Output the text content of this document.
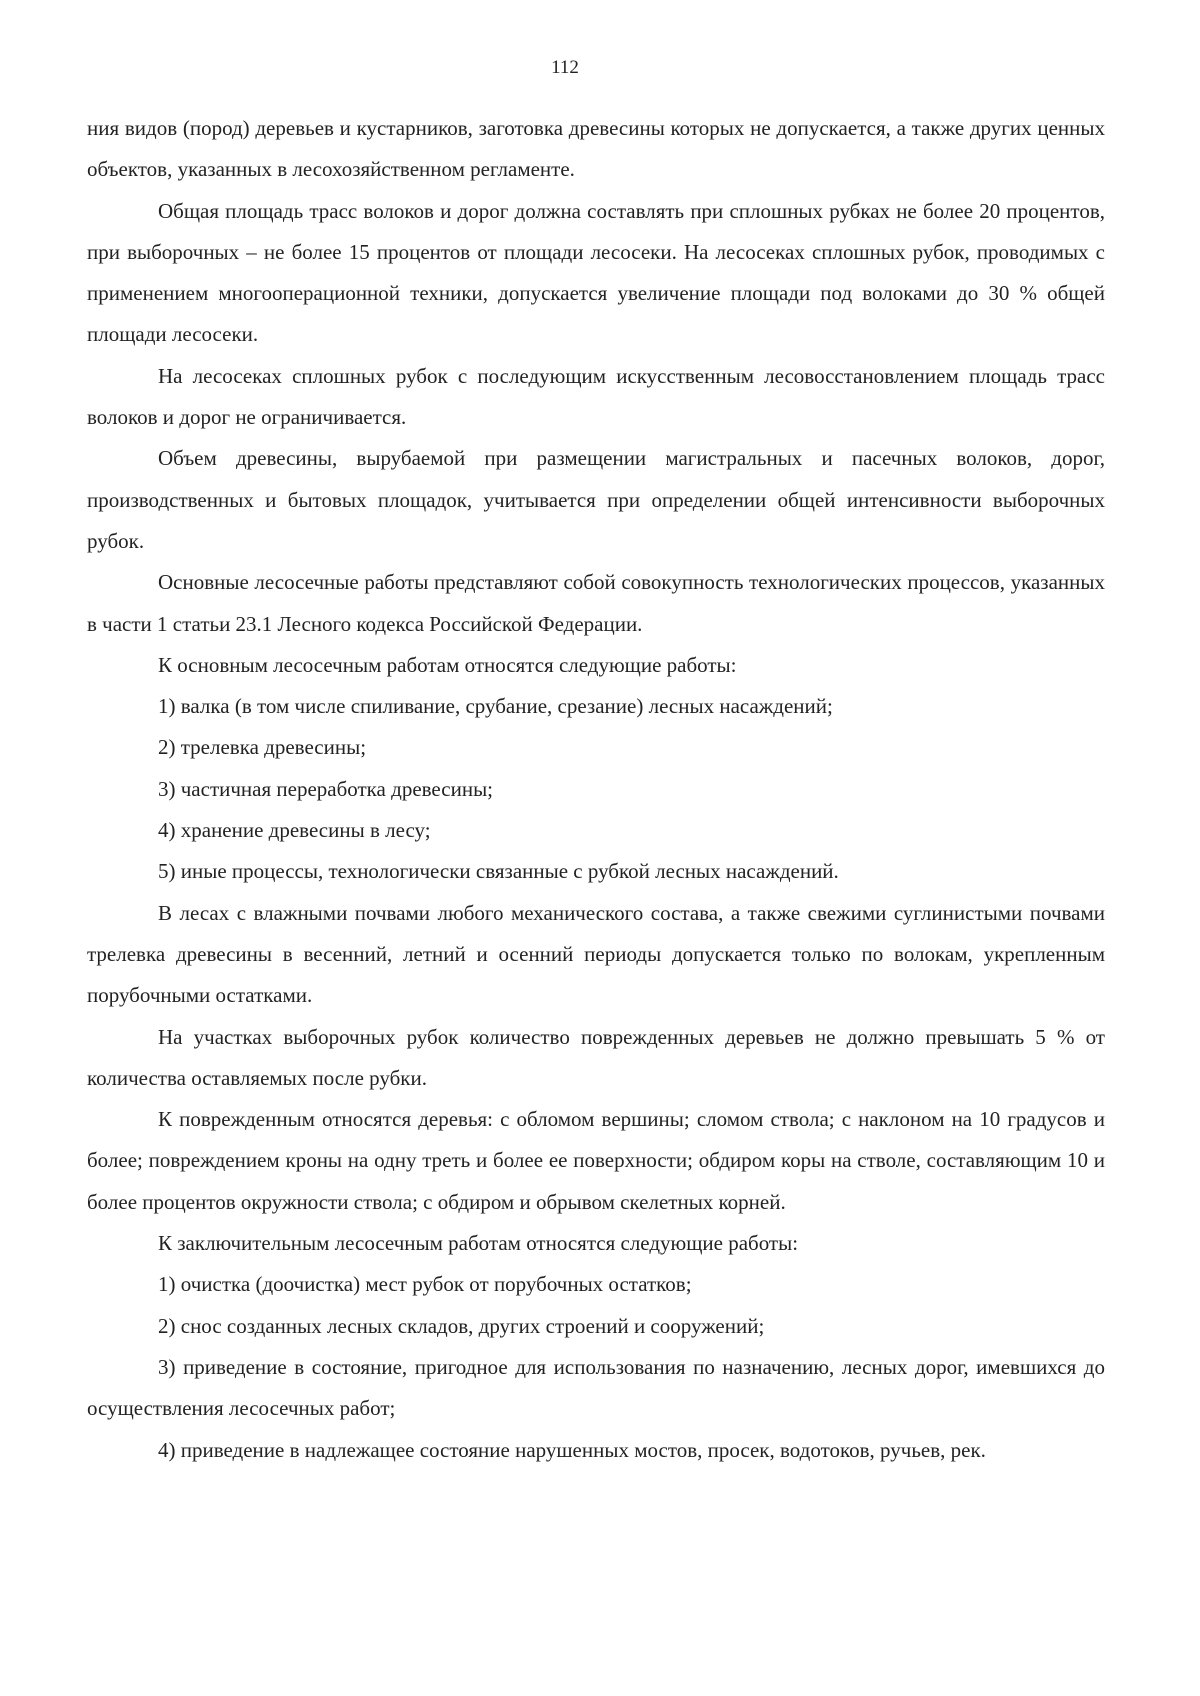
112

ния видов (пород) деревьев и кустарников, заготовка древесины которых не допускается, а также других ценных объектов, указанных в лесохозяйственном регламенте.

Общая площадь трасс волоков и дорог должна составлять при сплошных рубках не более 20 процентов, при выборочных – не более 15 процентов от площади лесосеки. На лесосеках сплошных рубок, проводимых с применением многооперационной техники, допускается увеличение площади под волоками до 30 % общей площади лесосеки.

На лесосеках сплошных рубок с последующим искусственным лесовосстановлением площадь трасс волоков и дорог не ограничивается.

Объем древесины, вырубаемой при размещении магистральных и пасечных волоков, дорог, производственных и бытовых площадок, учитывается при определении общей интенсивности выборочных рубок.

Основные лесосечные работы представляют собой совокупность технологических процессов, указанных в части 1 статьи 23.1 Лесного кодекса Российской Федерации.

К основным лесосечным работам относятся следующие работы:

1) валка (в том числе спиливание, срубание, срезание) лесных насаждений;

2) трелевка древесины;

3) частичная переработка древесины;

4) хранение древесины в лесу;

5) иные процессы, технологически связанные с рубкой лесных насаждений.

В лесах с влажными почвами любого механического состава, а также свежими суглинистыми почвами трелевка древесины в весенний, летний и осенний периоды допускается только по волокам, укрепленным порубочными остатками.

На участках выборочных рубок количество поврежденных деревьев не должно превышать 5 % от количества оставляемых после рубки.

К поврежденным относятся деревья: с обломом вершины; сломом ствола; с наклоном на 10 градусов и более; повреждением кроны на одну треть и более ее поверхности; обдиром коры на стволе, составляющим 10 и более процентов окружности ствола; с обдиром и обрывом скелетных корней.

К заключительным лесосечным работам относятся следующие работы:

1) очистка (доочистка) мест рубок от порубочных остатков;

2) снос созданных лесных складов, других строений и сооружений;

3) приведение в состояние, пригодное для использования по назначению, лесных дорог, имевшихся до осуществления лесосечных работ;

4) приведение в надлежащее состояние нарушенных мостов, просек, водотоков, ручьев, рек.
